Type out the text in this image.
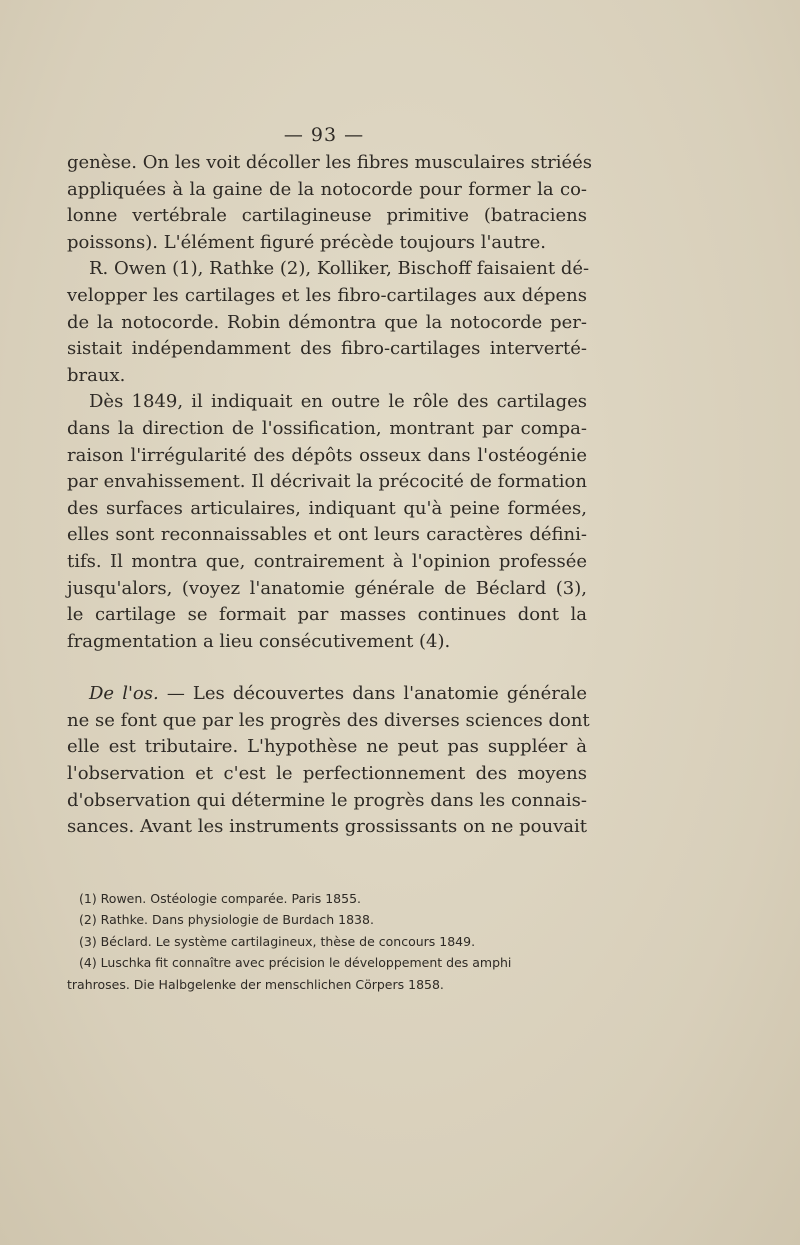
— 93 —
genèse. On les voit décoller les fibres musculaires striéés
appliquées à la gaine de la notocorde pour former la co-
lonne vertébrale cartilagineuse primitive (batraciens
poissons). L'élément figuré précède toujours l'autre.
R. Owen (1), Rathke (2), Kolliker, Bischoff faisaient dé-
velopper les cartilages et les fibro-cartilages aux dépens
de la notocorde. Robin démontra que la notocorde per-
sistait indépendamment des fibro-cartilages interverté-
braux.
Dès 1849, il indiquait en outre le rôle des cartilages
dans la direction de l'ossification, montrant par compa-
raison l'irrégularité des dépôts osseux dans l'ostéogénie
par envahissement. Il décrivait la précocité de formation
des surfaces articulaires, indiquant qu'à peine formées,
elles sont reconnaissables et ont leurs caractères défini-
tifs. Il montra que, contrairement à l'opinion professée
jusqu'alors, (voyez l'anatomie générale de Béclard (3),
le cartilage se formait par masses continues dont la
fragmentation a lieu consécutivement (4).
De l'os. — Les découvertes dans l'anatomie générale
ne se font que par les progrès des diverses sciences dont
elle est tributaire. L'hypothèse ne peut pas suppléer à
l'observation et c'est le perfectionnement des moyens
d'observation qui détermine le progrès dans les connais-
sances. Avant les instruments grossissants on ne pouvait
(1) Rowen. Ostéologie comparée. Paris 1855.
(2) Rathke. Dans physiologie de Burdach 1838.
(3) Béclard. Le système cartilagineux, thèse de concours 1849.
(4) Luschka fit connaître avec précision le développement des amphi
trahroses. Die Halbgelenke der menschlichen Cörpers 1858.
